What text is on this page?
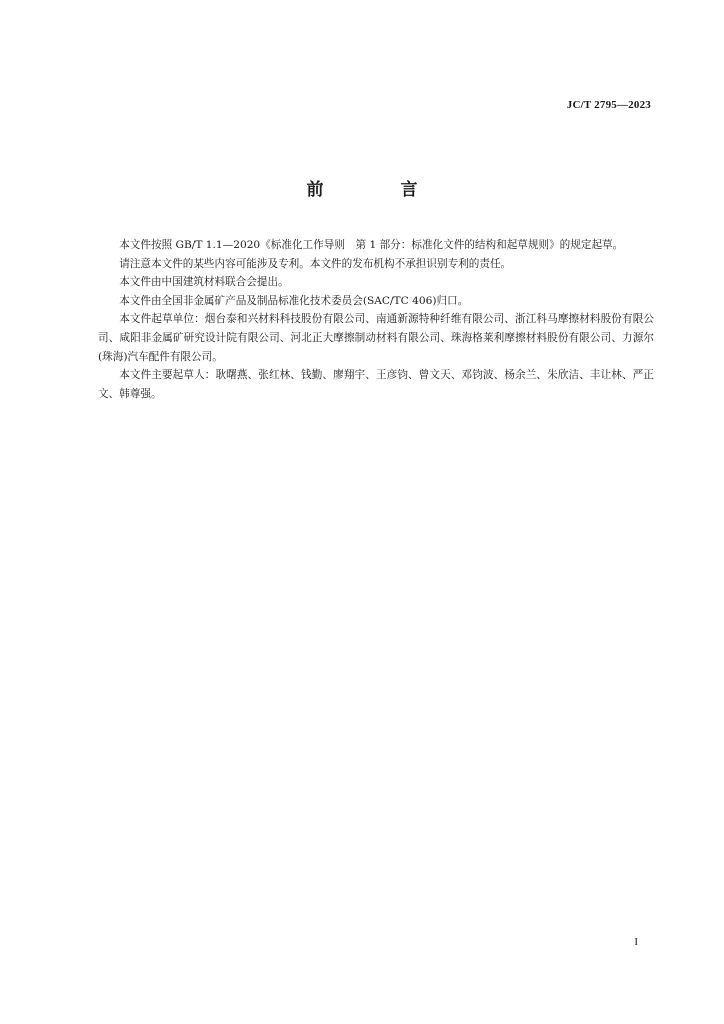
JC/T 2795—2023
前　言

本文件按照 GB/T 1.1—2020《标准化工作导则　第 1 部分：标准化文件的结构和起草规则》的规定起草。

请注意本文件的某些内容可能涉及专利。本文件的发布机构不承担识别专利的责任。

本文件由中国建筑材料联合会提出。

本文件由全国非金属矿产品及制品标准化技术委员会(SAC/TC 406)归口。

本文件起草单位：烟台泰和兴材料科技股份有限公司、南通新源特种纤维有限公司、浙江科马摩擦材料股份有限公司、咸阳非金属矿研究设计院有限公司、河北正大摩擦制动材料有限公司、珠海格莱利摩擦材料股份有限公司、力源尔(珠海)汽车配件有限公司。

本文件主要起草人：耿曙燕、张红林、钱勤、廖翔宇、王彦钧、曾文天、邓钧波、杨余兰、朱欣洁、丰让林、严正文、韩尊强。

I
